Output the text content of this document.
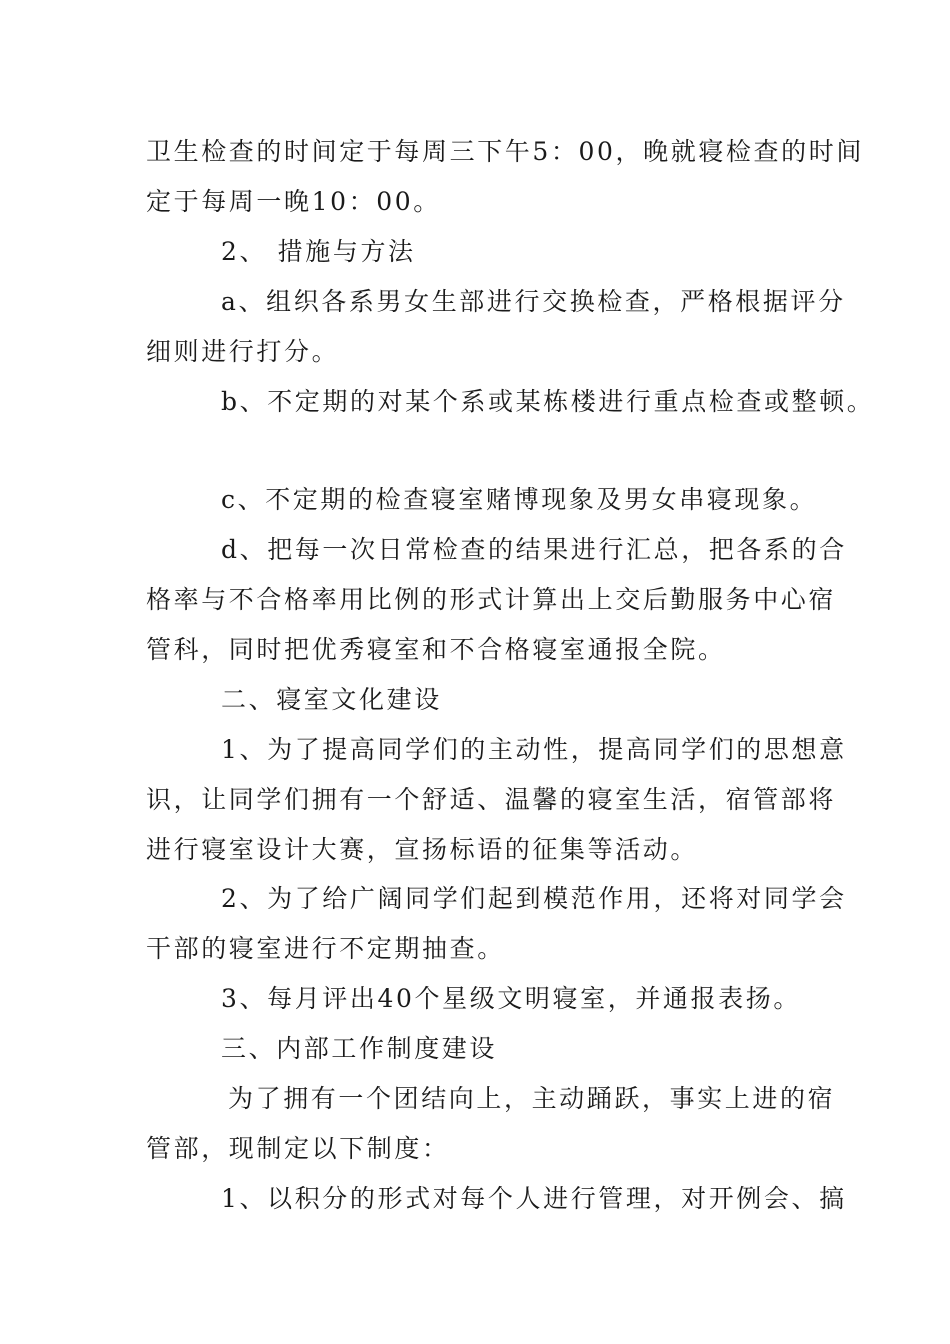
卫生检查的时间定于每周三下午5：00，晚就寝检查的时间
定于每周一晚10：00。
2、 措施与方法
a、组织各系男女生部进行交换检查，严格根据评分
细则进行打分。
b、不定期的对某个系或某栋楼进行重点检查或整顿。
c、不定期的检查寝室赌博现象及男女串寝现象。
d、把每一次日常检查的结果进行汇总，把各系的合
格率与不合格率用比例的形式计算出上交后勤服务中心宿
管科，同时把优秀寝室和不合格寝室通报全院。
二、寝室文化建设
1、为了提高同学们的主动性，提高同学们的思想意
识，让同学们拥有一个舒适、温馨的寝室生活，宿管部将
进行寝室设计大赛，宣扬标语的征集等活动。
2、为了给广阔同学们起到模范作用，还将对同学会
干部的寝室进行不定期抽查。
3、每月评出40个星级文明寝室，并通报表扬。
三、内部工作制度建设
为了拥有一个团结向上，主动踊跃，事实上进的宿
管部，现制定以下制度：
1、以积分的形式对每个人进行管理，对开例会、搞
